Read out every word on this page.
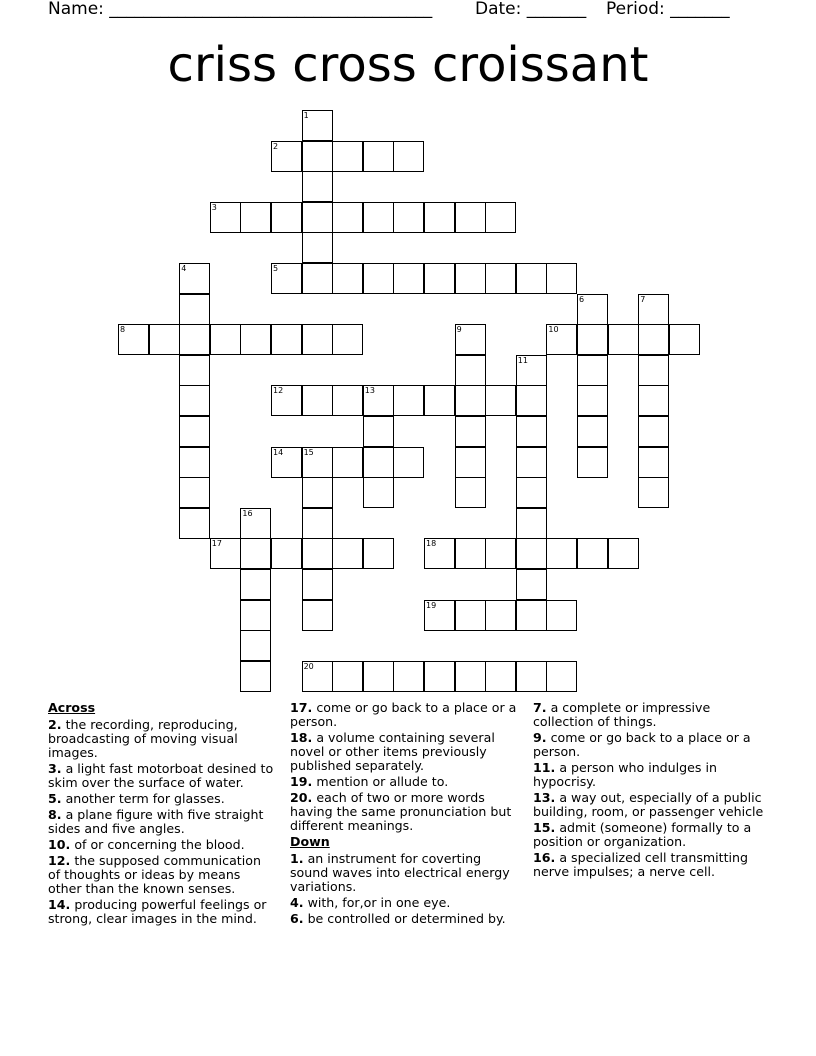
Name: ______________________________________	Date: _______ Period: _______
criss cross croissant
1
2
3
4	5
6	7
8	9	10
11
12	13
14	15
16
17	18
19
20
Across
2. the recording, reproducing, broadcasting of moving visual images.
3. a light fast motorboat desined to skim over the surface of water.
5. another term for glasses.
8. a plane figure with five straight sides and five angles.
10. of or concerning the blood.
12. the supposed communication of thoughts or ideas by means other than the known senses.
14. producing powerful feelings or strong, clear images in the mind.
17. come or go back to a place or a person.
18. a volume containing several novel or other items previously published separately.
19. mention or allude to.
20. each of two or more words having the same pronunciation but different meanings.
Down
1. an instrument for coverting sound waves into electrical energy variations.
4. with, for,or in one eye.
6. be controlled or determined by.
7. a complete or impressive collection of things.
9. come or go back to a place or a person.
11. a person who indulges in hypocrisy.
13. a way out, especially of a public building, room, or passenger vehicle
15. admit (someone) formally to a position or organization.
16. a specialized cell transmitting nerve impulses; a nerve cell.
